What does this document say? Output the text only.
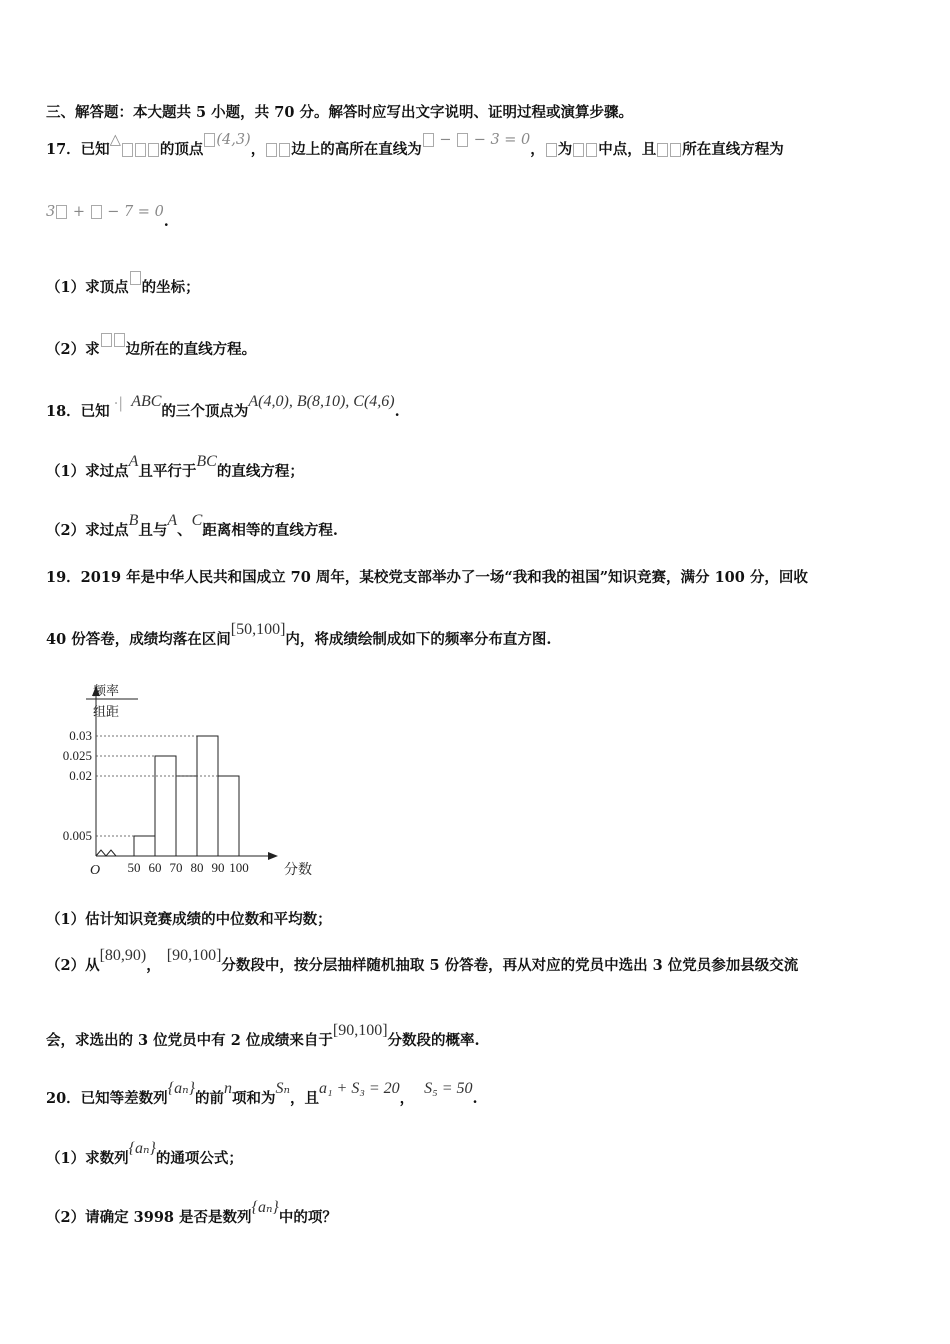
三、解答题：本大题共 5 小题，共 70 分。解答时应写出文字说明、证明过程或演算步骤。
17．已知△的顶点(4,3)， 边上的高所在直线为 −  − 3 = 0， 为 中点，且 所在直线方程为
3 +  − 7 = 0.
（1）求顶点 的坐标；
（2）求 边所在的直线方程。
18．已知 ·| ABC的三个顶点为A(4,0), B(8,10), C(4,6).
（1）求过点A且平行于BC的直线方程；
（2）求过点B且与A、C距离相等的直线方程.
19．2019 年是中华人民共和国成立 70 周年，某校党支部举办了一场“我和我的祖国”知识竞赛，满分 100 分，回收
40 份答卷，成绩均落在区间[50,100]内，将成绩绘制成如下的频率分布直方图.
0.005
0.02
0.025
0.03
50 60 70 80 90 100
频率
组距
分数
O
（1）估计知识竞赛成绩的中位数和平均数；
（2）从[80,90)，[90,100]分数段中，按分层抽样随机抽取 5 份答卷，再从对应的党员中选出 3 位党员参加县级交流
会，求选出的 3 位党员中有 2 位成绩来自于[90,100]分数段的概率.
20．已知等差数列{aₙ}的前n项和为Sₙ，且a₁ + S₃ = 20，S₅ = 50.
（1）求数列{aₙ}的通项公式；
（2）请确定 3998 是否是数列{aₙ}中的项？
